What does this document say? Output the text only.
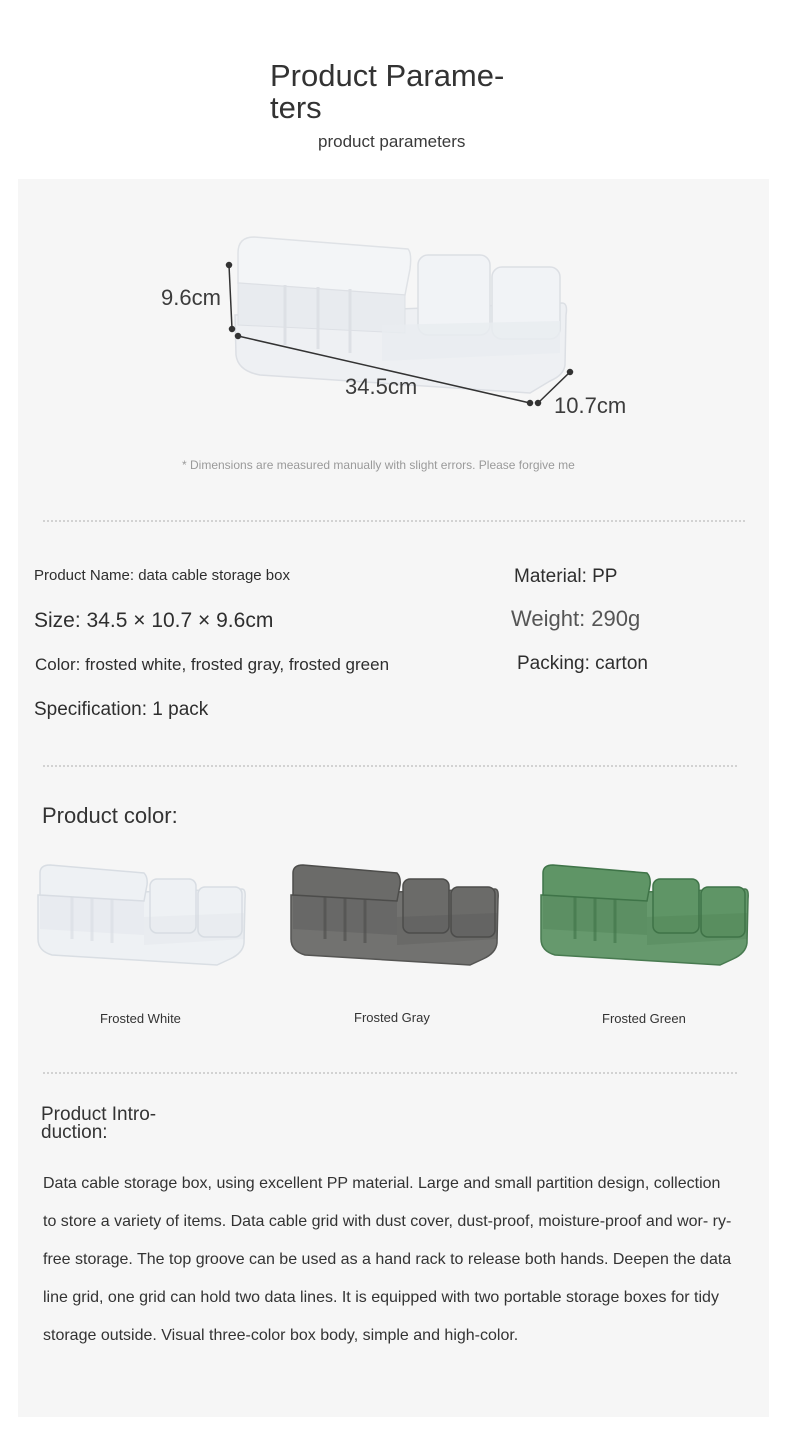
Product Parame- ters
product parameters
9.6cm
34.5cm
10.7cm
* Dimensions are measured manually with slight errors. Please forgive me
Product Name: data cable storage box
Size: 34.5 × 10.7 × 9.6cm
Color: frosted white, frosted gray, frosted green
Specification: 1 pack
Material: PP
Weight: 290g
Packing: carton
Product color:
Frosted White	Frosted Gray	Frosted Green
Product Intro- duction:

Data cable storage box, using excellent PP material. Large and small partition design, collection to store a variety of items. Data cable grid with dust cover, dust-proof, moisture-proof and wor- ry-free storage. The top groove can be used as a hand rack to release both hands. Deepen the data line grid, one grid can hold two data lines. It is equipped with two portable storage boxes for tidy storage outside. Visual three-color box body, simple and high-color.
